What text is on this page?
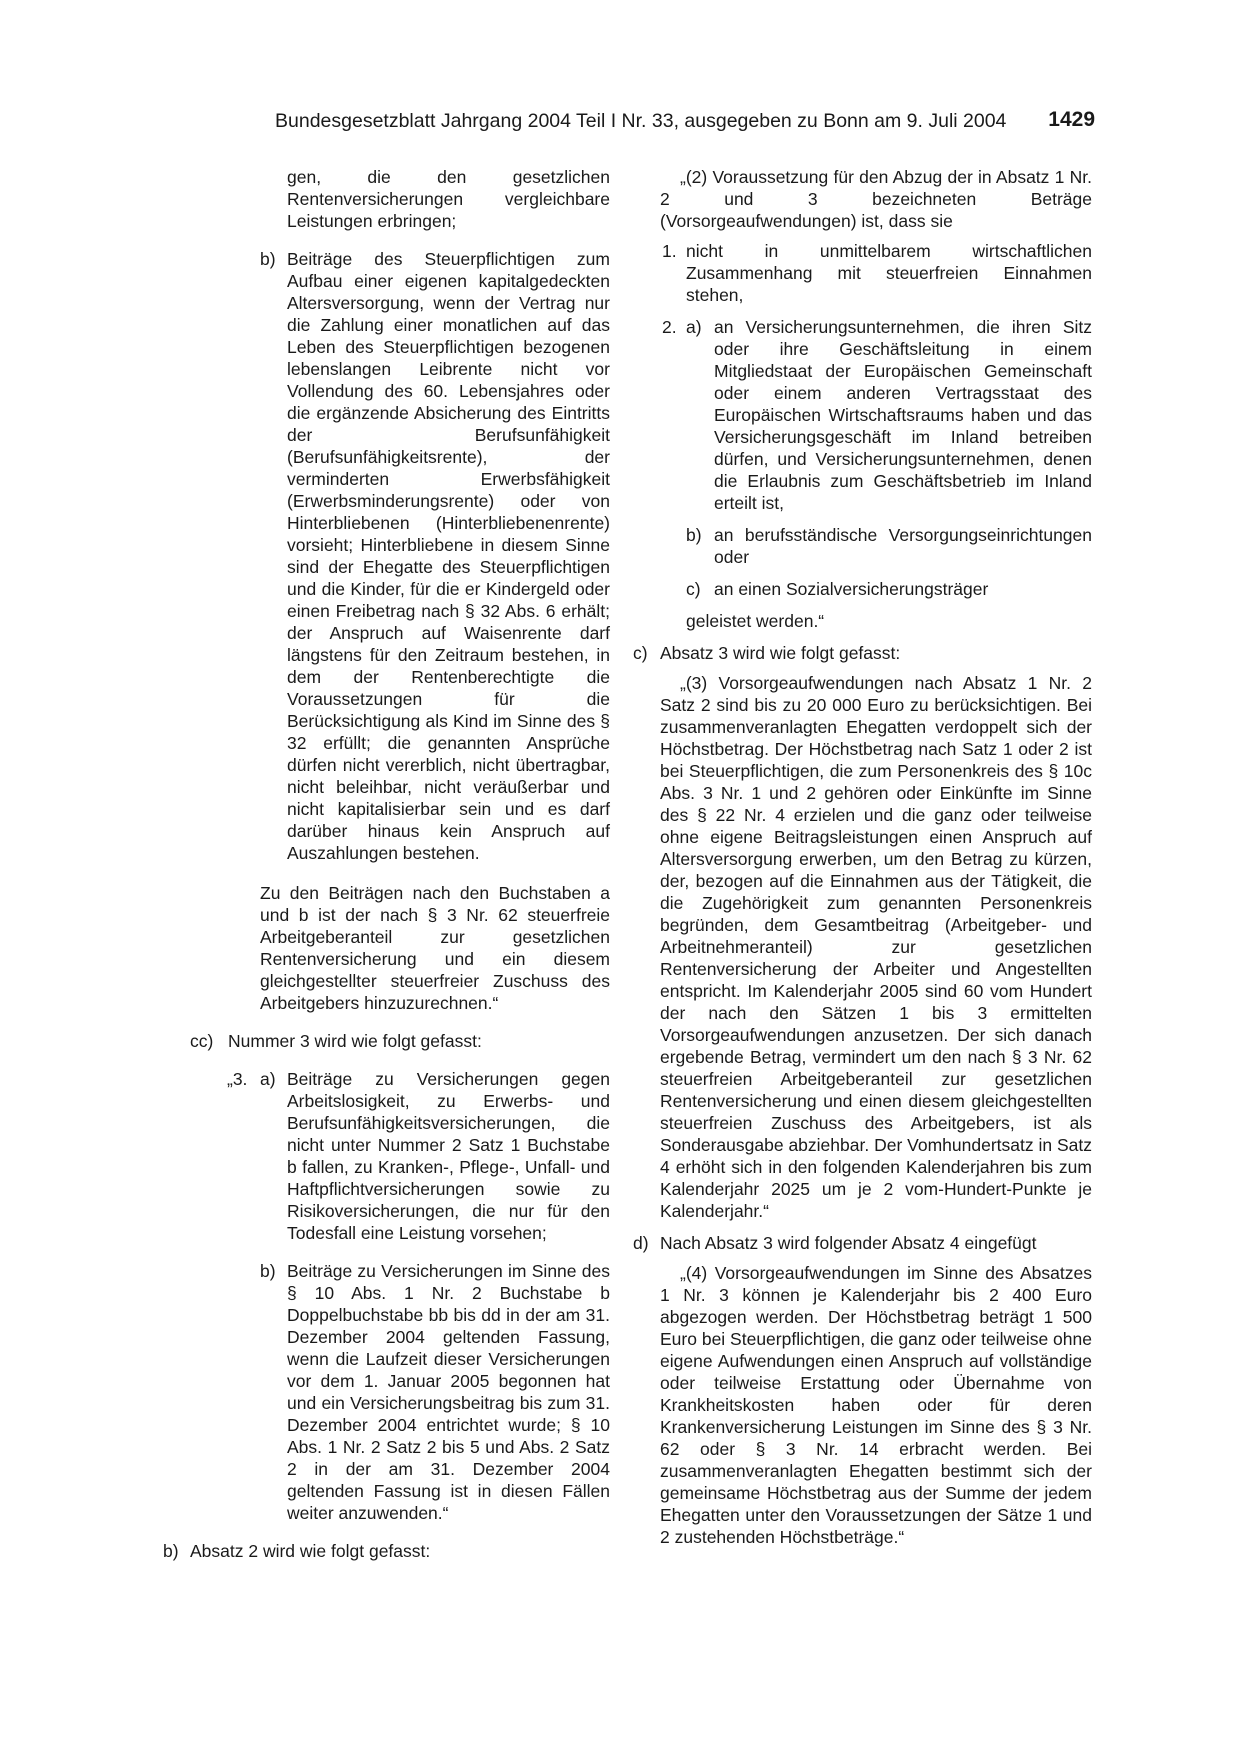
Bundesgesetzblatt Jahrgang 2004 Teil I Nr. 33, ausgegeben zu Bonn am 9. Juli 2004 1429

gen, die den gesetzlichen Rentenversicherungen vergleichbare Leistungen erbringen;

b) Beiträge des Steuerpflichtigen zum Aufbau einer eigenen kapitalgedeckten Altersversorgung, wenn der Vertrag nur die Zahlung einer monatlichen auf das Leben des Steuerpflichtigen bezogenen lebenslangen Leibrente nicht vor Vollendung des 60. Lebensjahres oder die ergänzende Absicherung des Eintritts der Berufsunfähigkeit (Berufsunfähigkeitsrente), der verminderten Erwerbsfähigkeit (Erwerbsminderungsrente) oder von Hinterbliebenen (Hinterbliebenenrente) vorsieht; Hinterbliebene in diesem Sinne sind der Ehegatte des Steuerpflichtigen und die Kinder, für die er Kindergeld oder einen Freibetrag nach § 32 Abs. 6 erhält; der Anspruch auf Waisenrente darf längstens für den Zeitraum bestehen, in dem der Rentenberechtigte die Voraussetzungen für die Berücksichtigung als Kind im Sinne des § 32 erfüllt; die genannten Ansprüche dürfen nicht vererblich, nicht übertragbar, nicht beleihbar, nicht veräußerbar und nicht kapitalisierbar sein und es darf darüber hinaus kein Anspruch auf Auszahlungen bestehen.

Zu den Beiträgen nach den Buchstaben a und b ist der nach § 3 Nr. 62 steuerfreie Arbeitgeberanteil zur gesetzlichen Rentenversicherung und ein diesem gleichgestellter steuerfreier Zuschuss des Arbeitgebers hinzuzurechnen.“

cc) Nummer 3 wird wie folgt gefasst:

„3. a) Beiträge zu Versicherungen gegen Arbeitslosigkeit, zu Erwerbs- und Berufsunfähigkeitsversicherungen, die nicht unter Nummer 2 Satz 1 Buchstabe b fallen, zu Kranken-, Pflege-, Unfall- und Haftpflichtversicherungen sowie zu Risikoversicherungen, die nur für den Todesfall eine Leistung vorsehen;

b) Beiträge zu Versicherungen im Sinne des § 10 Abs. 1 Nr. 2 Buchstabe b Doppelbuchstabe bb bis dd in der am 31. Dezember 2004 geltenden Fassung, wenn die Laufzeit dieser Versicherungen vor dem 1. Januar 2005 begonnen hat und ein Versicherungsbeitrag bis zum 31. Dezember 2004 entrichtet wurde; § 10 Abs. 1 Nr. 2 Satz 2 bis 5 und Abs. 2 Satz 2 in der am 31. Dezember 2004 geltenden Fassung ist in diesen Fällen weiter anzuwenden.“

b) Absatz 2 wird wie folgt gefasst:

„(2) Voraussetzung für den Abzug der in Absatz 1 Nr. 2 und 3 bezeichneten Beträge (Vorsorgeaufwendungen) ist, dass sie

1. nicht in unmittelbarem wirtschaftlichen Zusammenhang mit steuerfreien Einnahmen stehen,

2. a) an Versicherungsunternehmen, die ihren Sitz oder ihre Geschäftsleitung in einem Mitgliedstaat der Europäischen Gemeinschaft oder einem anderen Vertragsstaat des Europäischen Wirtschaftsraums haben und das Versicherungsgeschäft im Inland betreiben dürfen, und Versicherungsunternehmen, denen die Erlaubnis zum Geschäftsbetrieb im Inland erteilt ist,

b) an berufsständische Versorgungseinrichtungen oder

c) an einen Sozialversicherungsträger

geleistet werden.“

c) Absatz 3 wird wie folgt gefasst:

„(3) Vorsorgeaufwendungen nach Absatz 1 Nr. 2 Satz 2 sind bis zu 20 000 Euro zu berücksichtigen. Bei zusammenveranlagten Ehegatten verdoppelt sich der Höchstbetrag. Der Höchstbetrag nach Satz 1 oder 2 ist bei Steuerpflichtigen, die zum Personenkreis des § 10c Abs. 3 Nr. 1 und 2 gehören oder Einkünfte im Sinne des § 22 Nr. 4 erzielen und die ganz oder teilweise ohne eigene Beitragsleistungen einen Anspruch auf Altersversorgung erwerben, um den Betrag zu kürzen, der, bezogen auf die Einnahmen aus der Tätigkeit, die die Zugehörigkeit zum genannten Personenkreis begründen, dem Gesamtbeitrag (Arbeitgeber- und Arbeitnehmeranteil) zur gesetzlichen Rentenversicherung der Arbeiter und Angestellten entspricht. Im Kalenderjahr 2005 sind 60 vom Hundert der nach den Sätzen 1 bis 3 ermittelten Vorsorgeaufwendungen anzusetzen. Der sich danach ergebende Betrag, vermindert um den nach § 3 Nr. 62 steuerfreien Arbeitgeberanteil zur gesetzlichen Rentenversicherung und einen diesem gleichgestellten steuerfreien Zuschuss des Arbeitgebers, ist als Sonderausgabe abziehbar. Der Vomhundertsatz in Satz 4 erhöht sich in den folgenden Kalenderjahren bis zum Kalenderjahr 2025 um je 2 vom-Hundert-Punkte je Kalenderjahr.“

d) Nach Absatz 3 wird folgender Absatz 4 eingefügt

„(4) Vorsorgeaufwendungen im Sinne des Absatzes 1 Nr. 3 können je Kalenderjahr bis 2 400 Euro abgezogen werden. Der Höchstbetrag beträgt 1 500 Euro bei Steuerpflichtigen, die ganz oder teilweise ohne eigene Aufwendungen einen Anspruch auf vollständige oder teilweise Erstattung oder Übernahme von Krankheitskosten haben oder für deren Krankenversicherung Leistungen im Sinne des § 3 Nr. 62 oder § 3 Nr. 14 erbracht werden. Bei zusammenveranlagten Ehegatten bestimmt sich der gemeinsame Höchstbetrag aus der Summe der jedem Ehegatten unter den Voraussetzungen der Sätze 1 und 2 zustehenden Höchstbeträge.“
